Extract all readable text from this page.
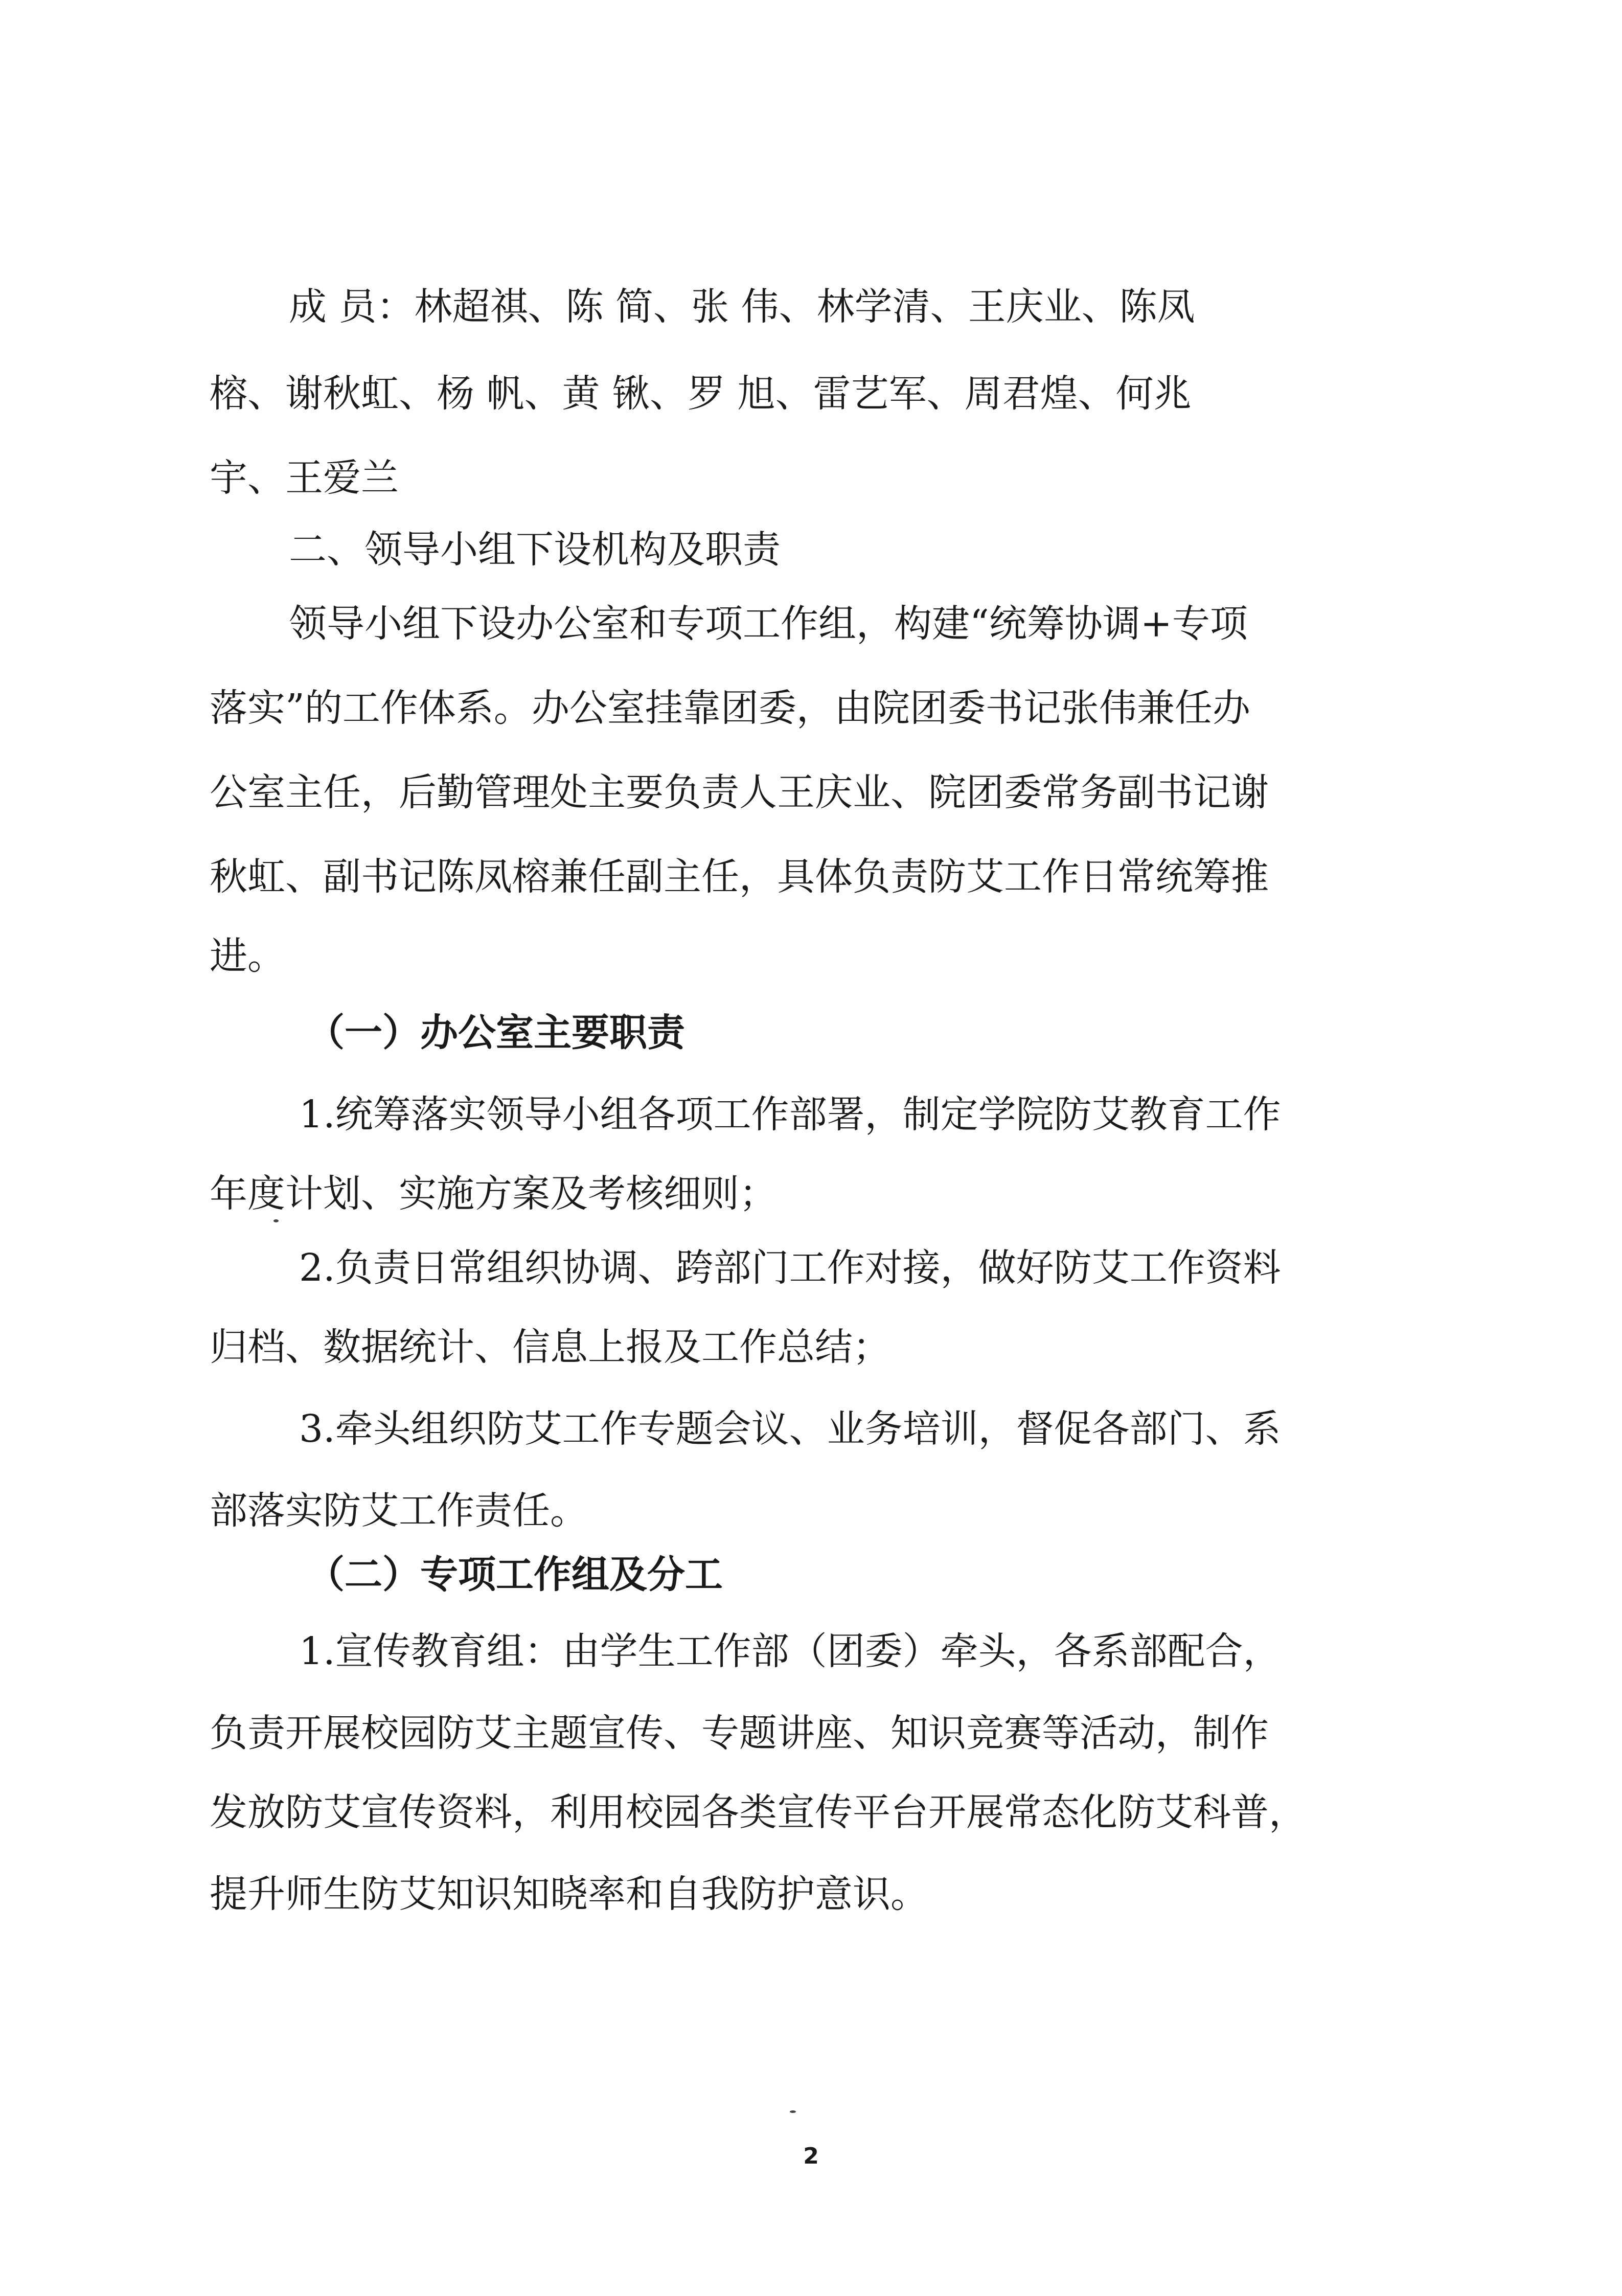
成 员：林超祺、陈 简、张 伟、林学清、王庆业、陈凤
榕、谢秋虹、杨 帆、黄 锹、罗 旭、雷艺军、周君煌、何兆
宇、王爱兰
二、领导小组下设机构及职责
领导小组下设办公室和专项工作组，构建“统筹协调+专项
落实”的工作体系。办公室挂靠团委，由院团委书记张伟兼任办
公室主任，后勤管理处主要负责人王庆业、院团委常务副书记谢
秋虹、副书记陈凤榕兼任副主任，具体负责防艾工作日常统筹推
进。
（一）办公室主要职责
1.统筹落实领导小组各项工作部署，制定学院防艾教育工作
年度计划、实施方案及考核细则；
2.负责日常组织协调、跨部门工作对接，做好防艾工作资料
归档、数据统计、信息上报及工作总结；
3.牵头组织防艾工作专题会议、业务培训，督促各部门、系
部落实防艾工作责任。
（二）专项工作组及分工
1.宣传教育组：由学生工作部（团委）牵头，各系部配合，
负责开展校园防艾主题宣传、专题讲座、知识竞赛等活动，制作
发放防艾宣传资料，利用校园各类宣传平台开展常态化防艾科普，
提升师生防艾知识知晓率和自我防护意识。
2
